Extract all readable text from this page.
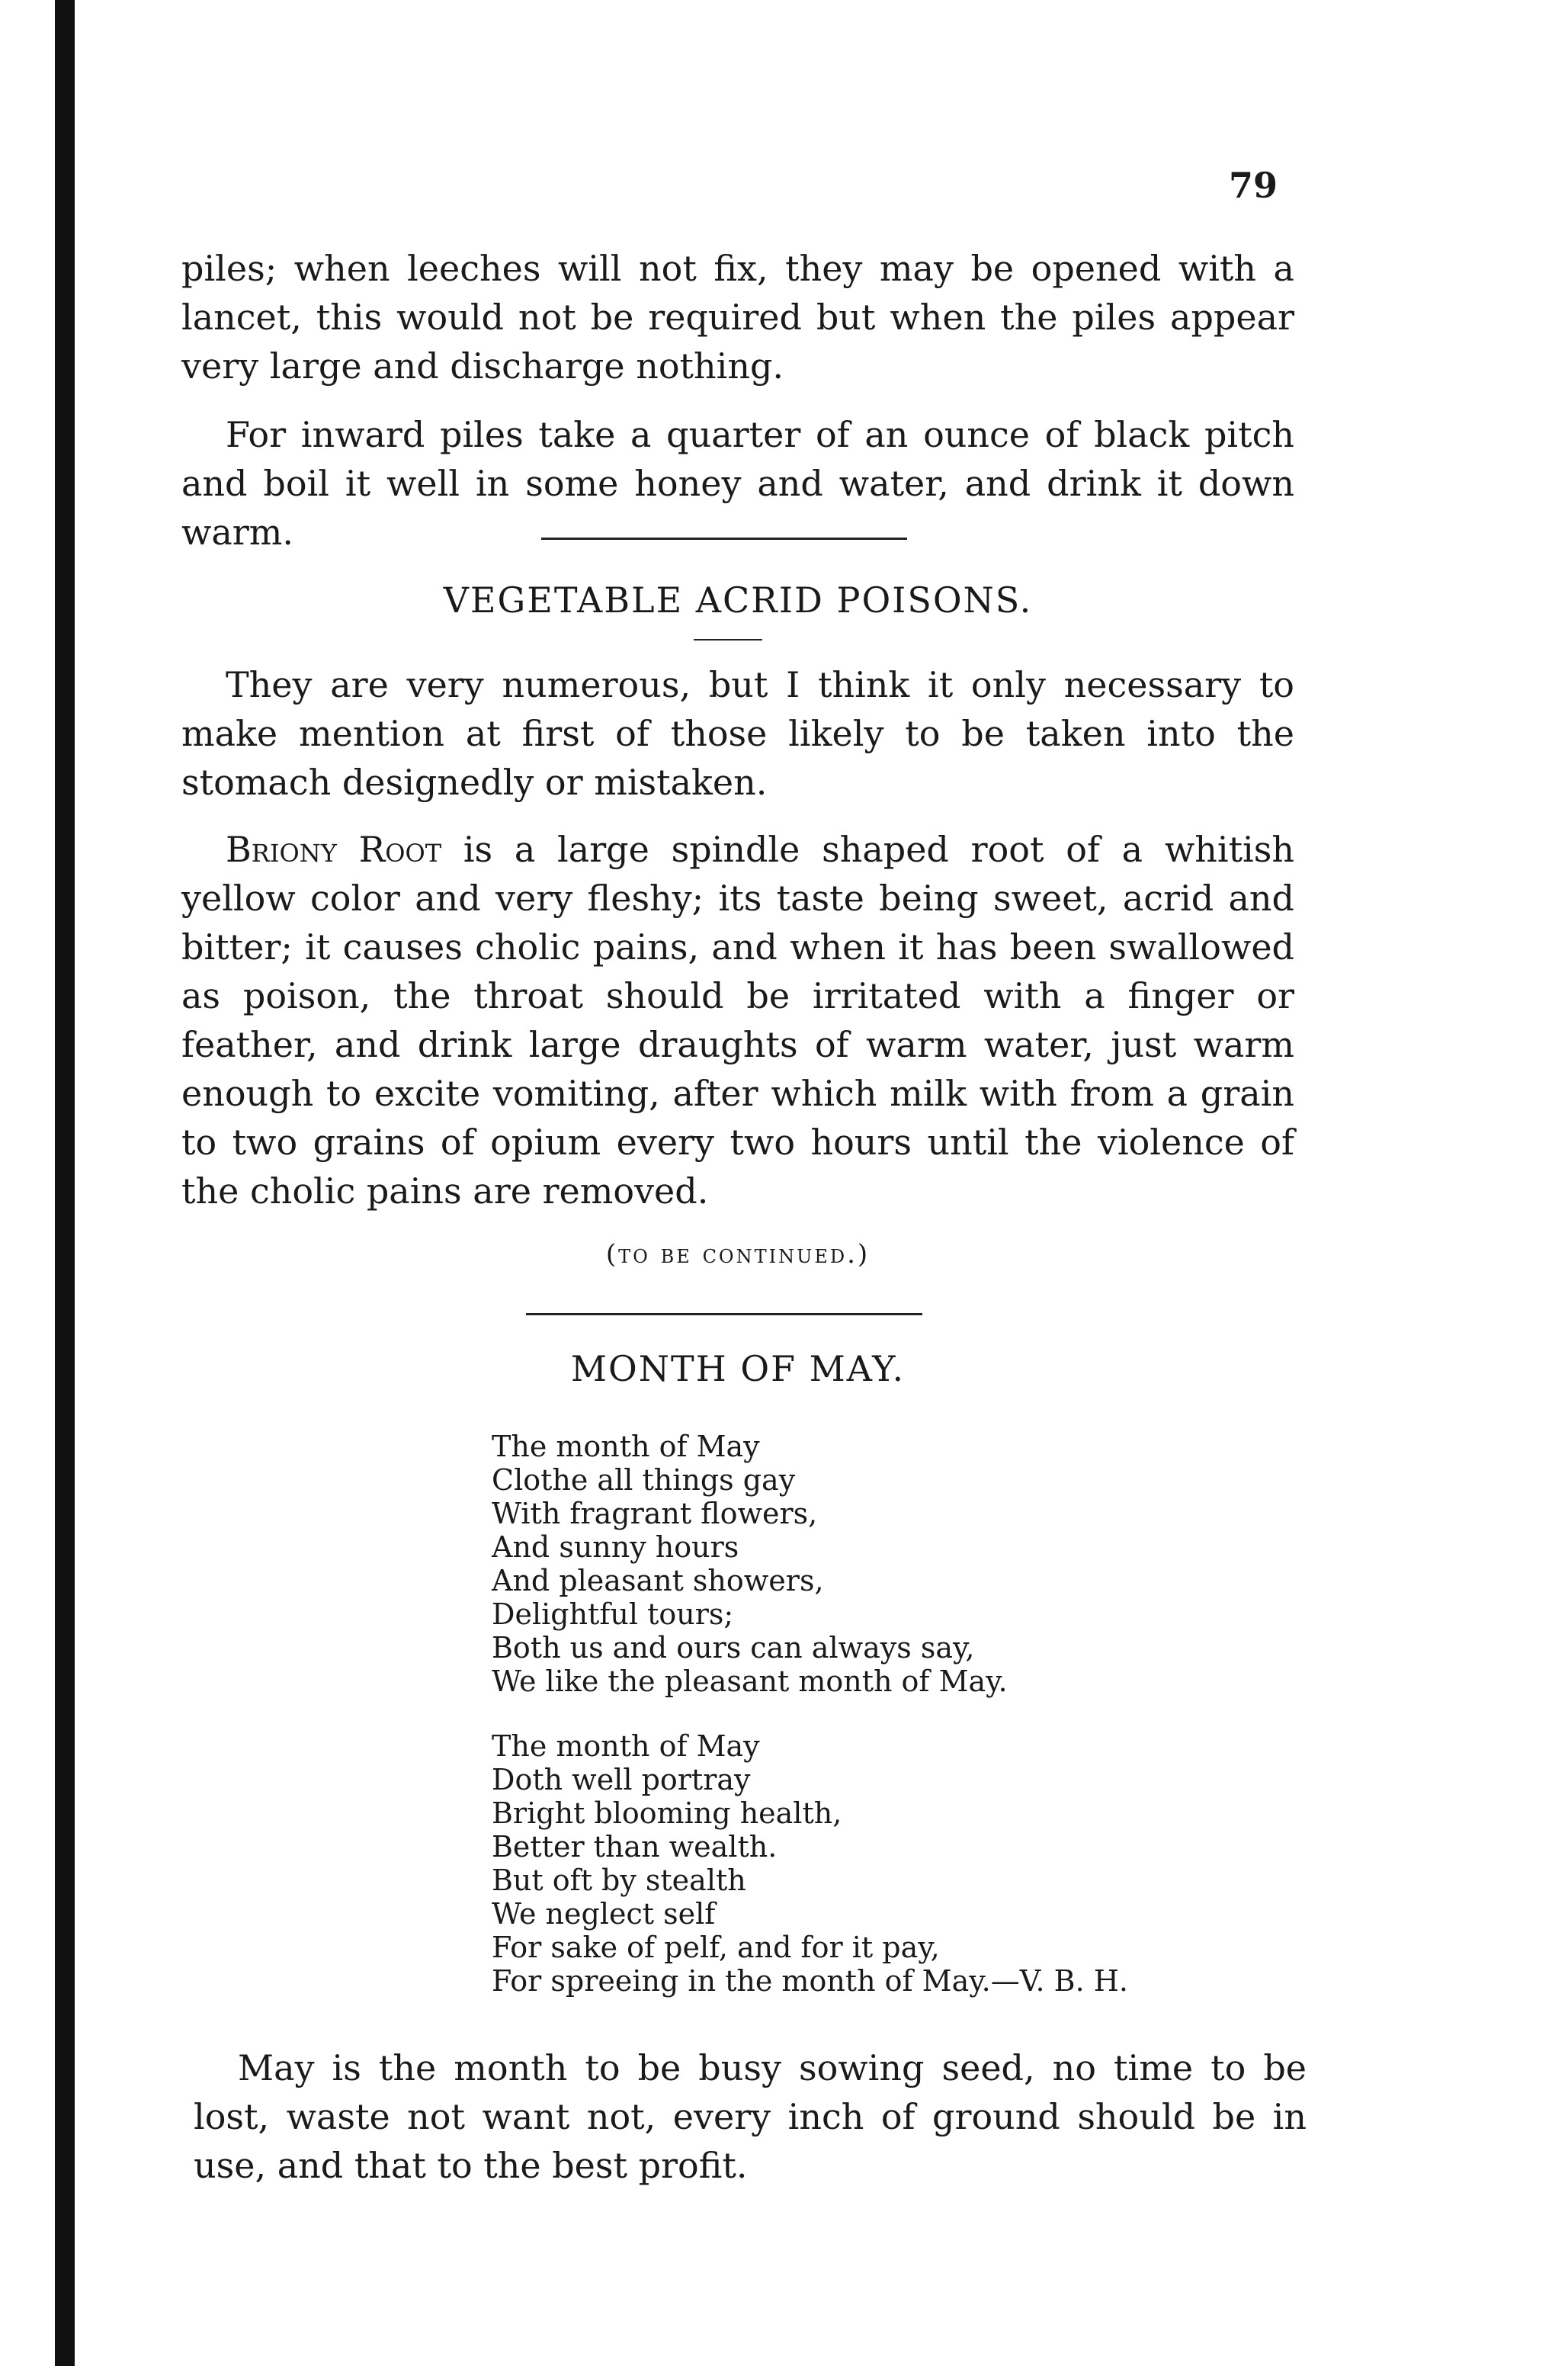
79

piles; when leeches will not fix, they may be opened with a lancet, this would not be required but when the piles appear very large and discharge nothing.

For inward piles take a quarter of an ounce of black pitch and boil it well in some honey and water, and drink it down warm.

VEGETABLE ACRID POISONS.

They are very numerous, but I think it only necessary to make mention at first of those likely to be taken into the stomach designedly or mistaken.

Briony Root is a large spindle shaped root of a whitish yellow color and very fleshy; its taste being sweet, acrid and bitter; it causes cholic pains, and when it has been swallowed as poison, the throat should be irritated with a finger or feather, and drink large draughts of warm water, just warm enough to excite vomiting, after which milk with from a grain to two grains of opium every two hours until the violence of the cholic pains are removed.

(to be continued.)

MONTH OF MAY.
The month of May
Clothe all things gay
With fragrant flowers,
And sunny hours
And pleasant showers,
Delightful tours;
Both us and ours can always say,
We like the pleasant month of May.
The month of May
Doth well portray
Bright blooming health,
Better than wealth.
But oft by stealth
We neglect self
For sake of pelf, and for it pay,
For spreeing in the month of May.—V. B. H.

May is the month to be busy sowing seed, no time to be lost, waste not want not, every inch of ground should be in use, and that to the best profit.
